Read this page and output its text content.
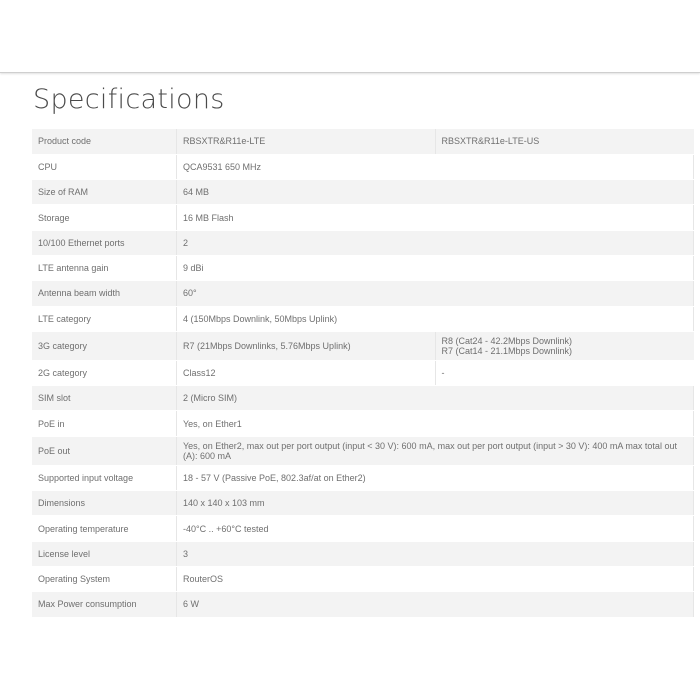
Specifications
Product code	RBSXTR&R11e-LTE	RBSXTR&R11e-LTE-US
CPU	QCA9531 650 MHz	
Size of RAM	64 MB	
Storage	16 MB Flash	
10/100 Ethernet ports	2	
LTE antenna gain	9 dBi	
Antenna beam width	60°	
LTE category	4 (150Mbps Downlink, 50Mbps Uplink)	
3G category	R7 (21Mbps Downlinks, 5.76Mbps Uplink)	R8 (Cat24 - 42.2Mbps Downlink)
R7 (Cat14 - 21.1Mbps Downlink)

2G category	Class12	-
SIM slot	2 (Micro SIM)	
PoE in	Yes, on Ether1	
PoE out	Yes, on Ether2, max out per port output (input < 30 V): 600 mA, max out per port output (input > 30 V): 400 mA max total out (A): 600 mA	
Supported input voltage	18 - 57 V (Passive PoE, 802.3af/at on Ether2)	
Dimensions	140 x 140 x 103 mm	
Operating temperature	-40°C .. +60°C tested	
License level	3	
Operating System	RouterOS	
Max Power consumption	6 W	
